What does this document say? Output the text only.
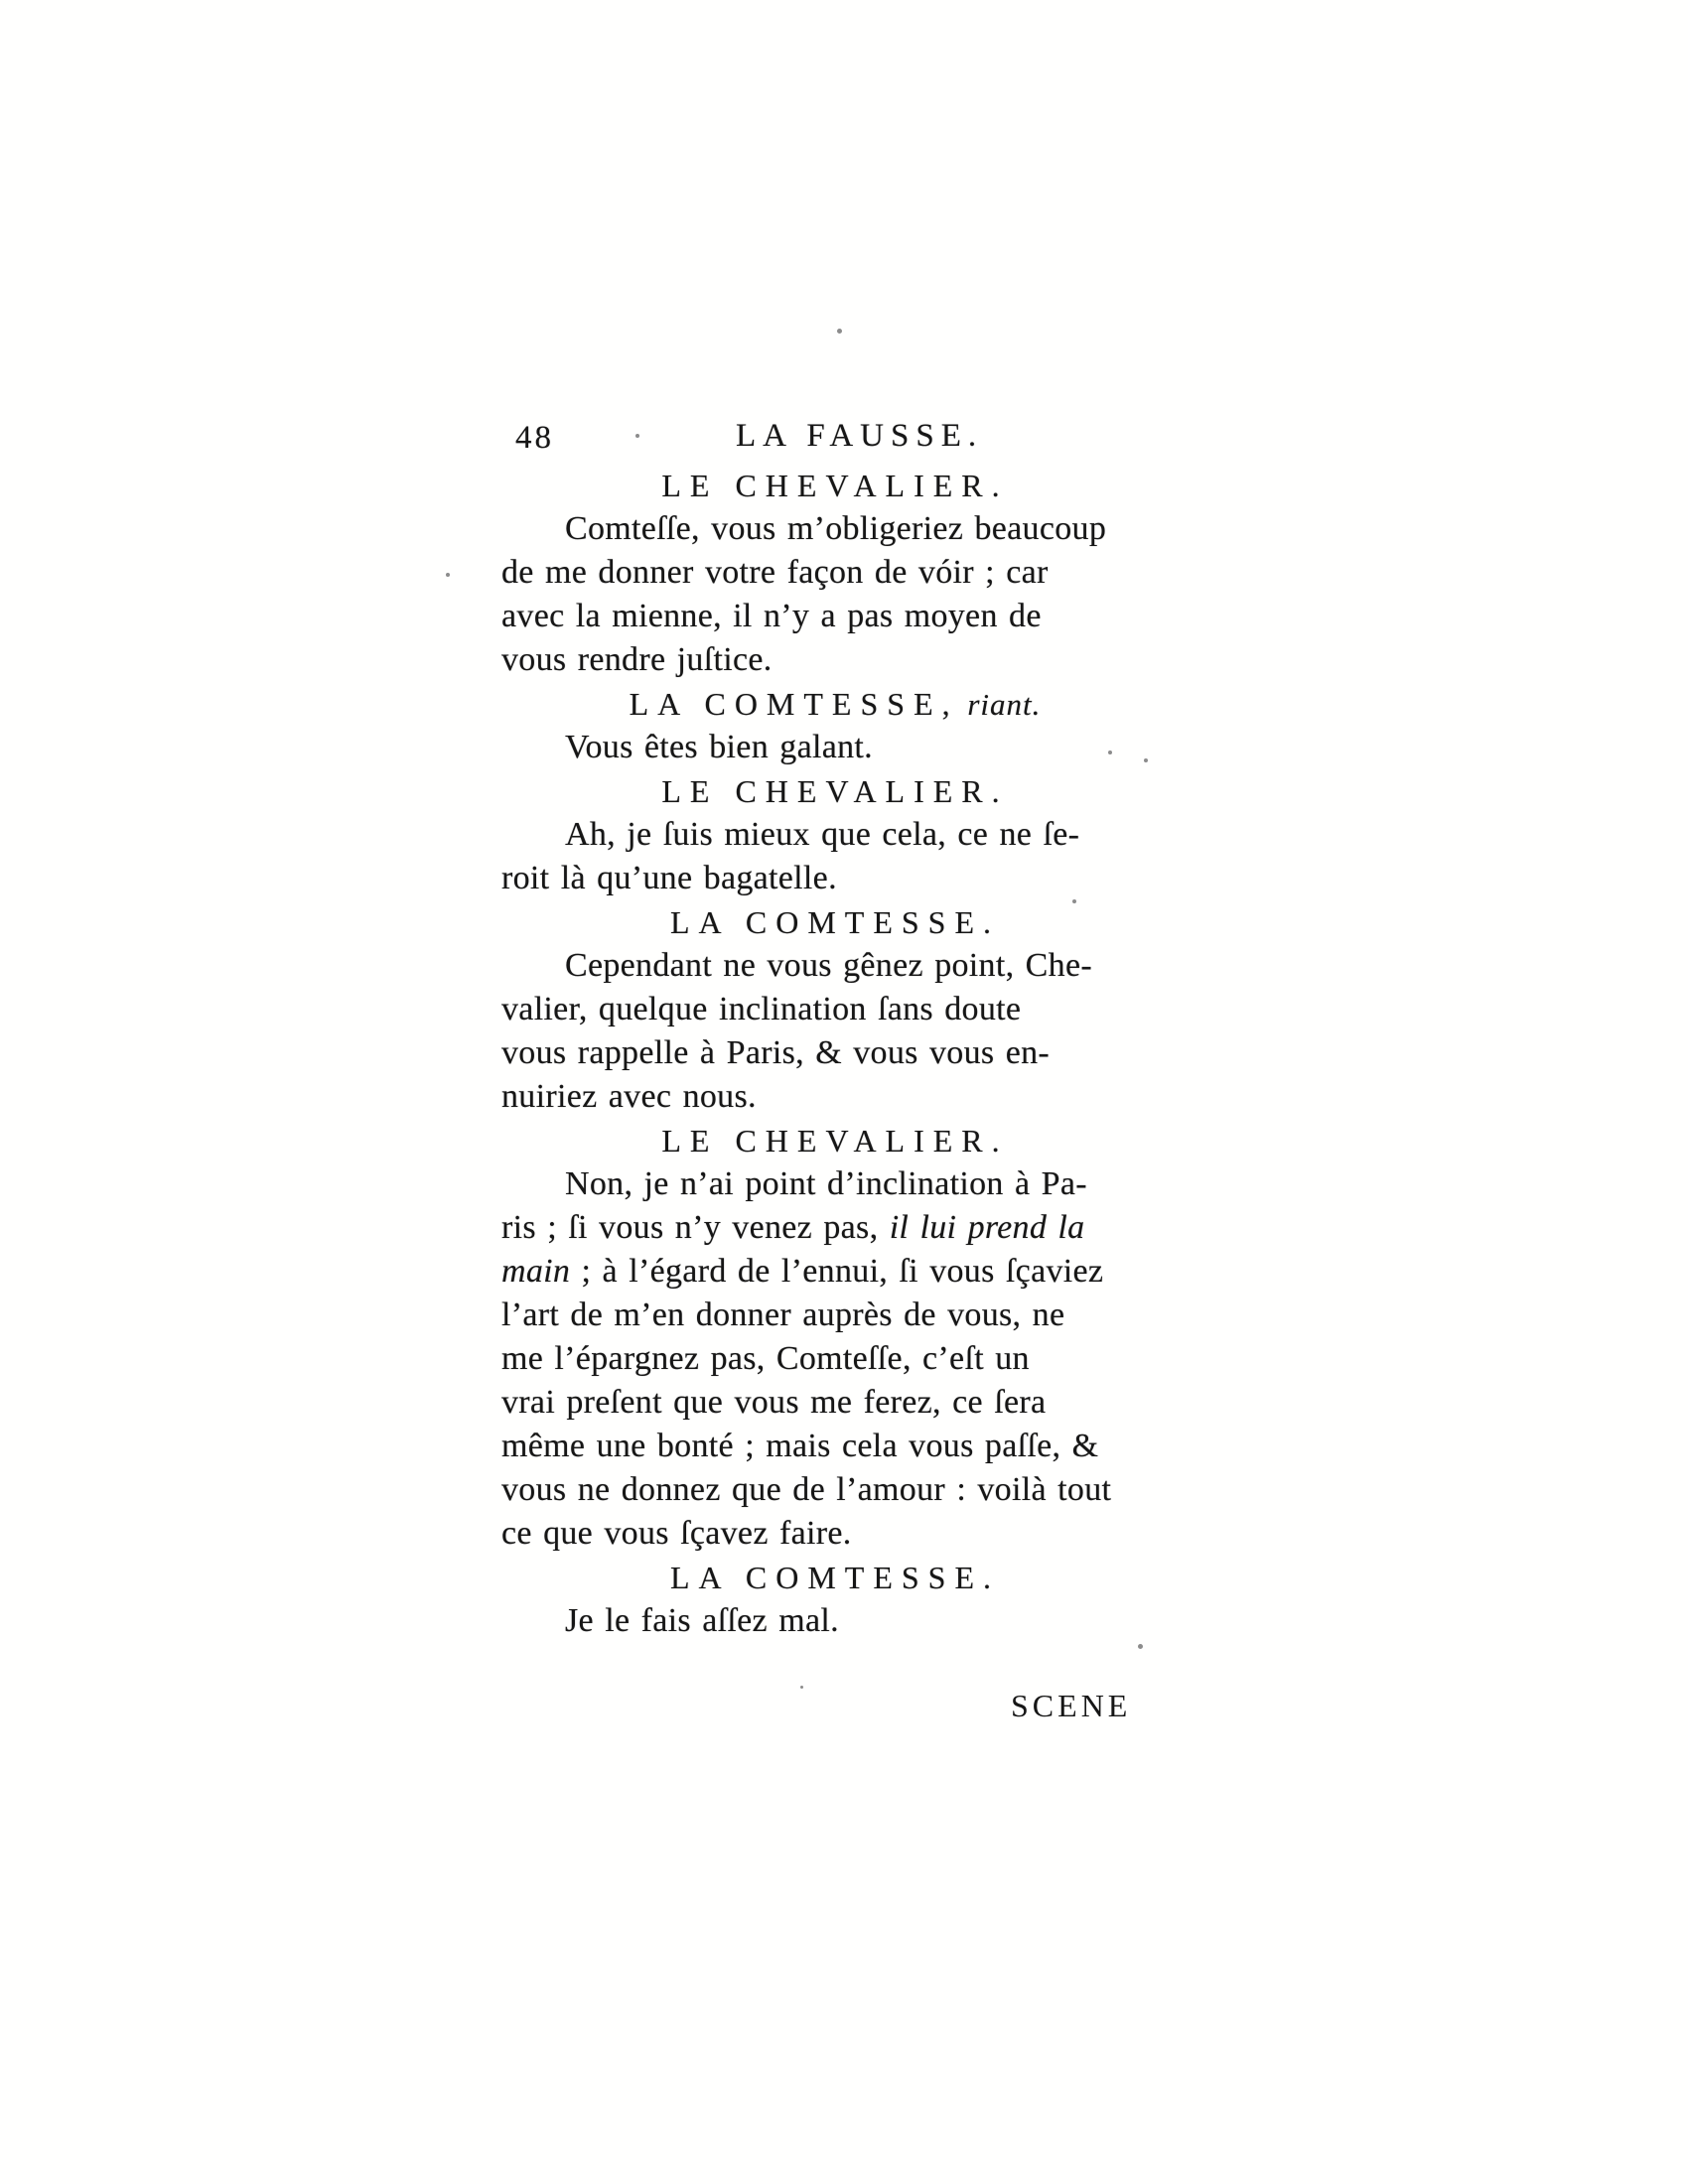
48	LA FAUSSE.
LE CHEVALIER.
Comteſſe, vous m’obligeriez beaucoup
de me donner votre façon de vóir ; car
avec la mienne, il n’y a pas moyen de
vous rendre juſtice.
LA COMTESSE, riant.
Vous êtes bien galant.
LE CHEVALIER.
Ah, je ſuis mieux que cela, ce ne ſe-
roit là qu’une bagatelle.
LA COMTESSE.
Cependant ne vous gênez point, Che-
valier, quelque inclination ſans doute
vous rappelle à Paris, & vous vous en-
nuiriez avec nous.
LE CHEVALIER.
Non, je n’ai point d’inclination à Pa-
ris ; ſi vous n’y venez pas, il lui prend la
main ; à l’égard de l’ennui, ſi vous ſçaviez
l’art de m’en donner auprès de vous, ne
me l’épargnez pas, Comteſſe, c’eſt un
vrai preſent que vous me ferez, ce ſera
même une bonté ; mais cela vous paſſe, &
vous ne donnez que de l’amour : voilà tout
ce que vous ſçavez faire.
LA COMTESSE.
Je le fais aſſez mal.
SCENE
